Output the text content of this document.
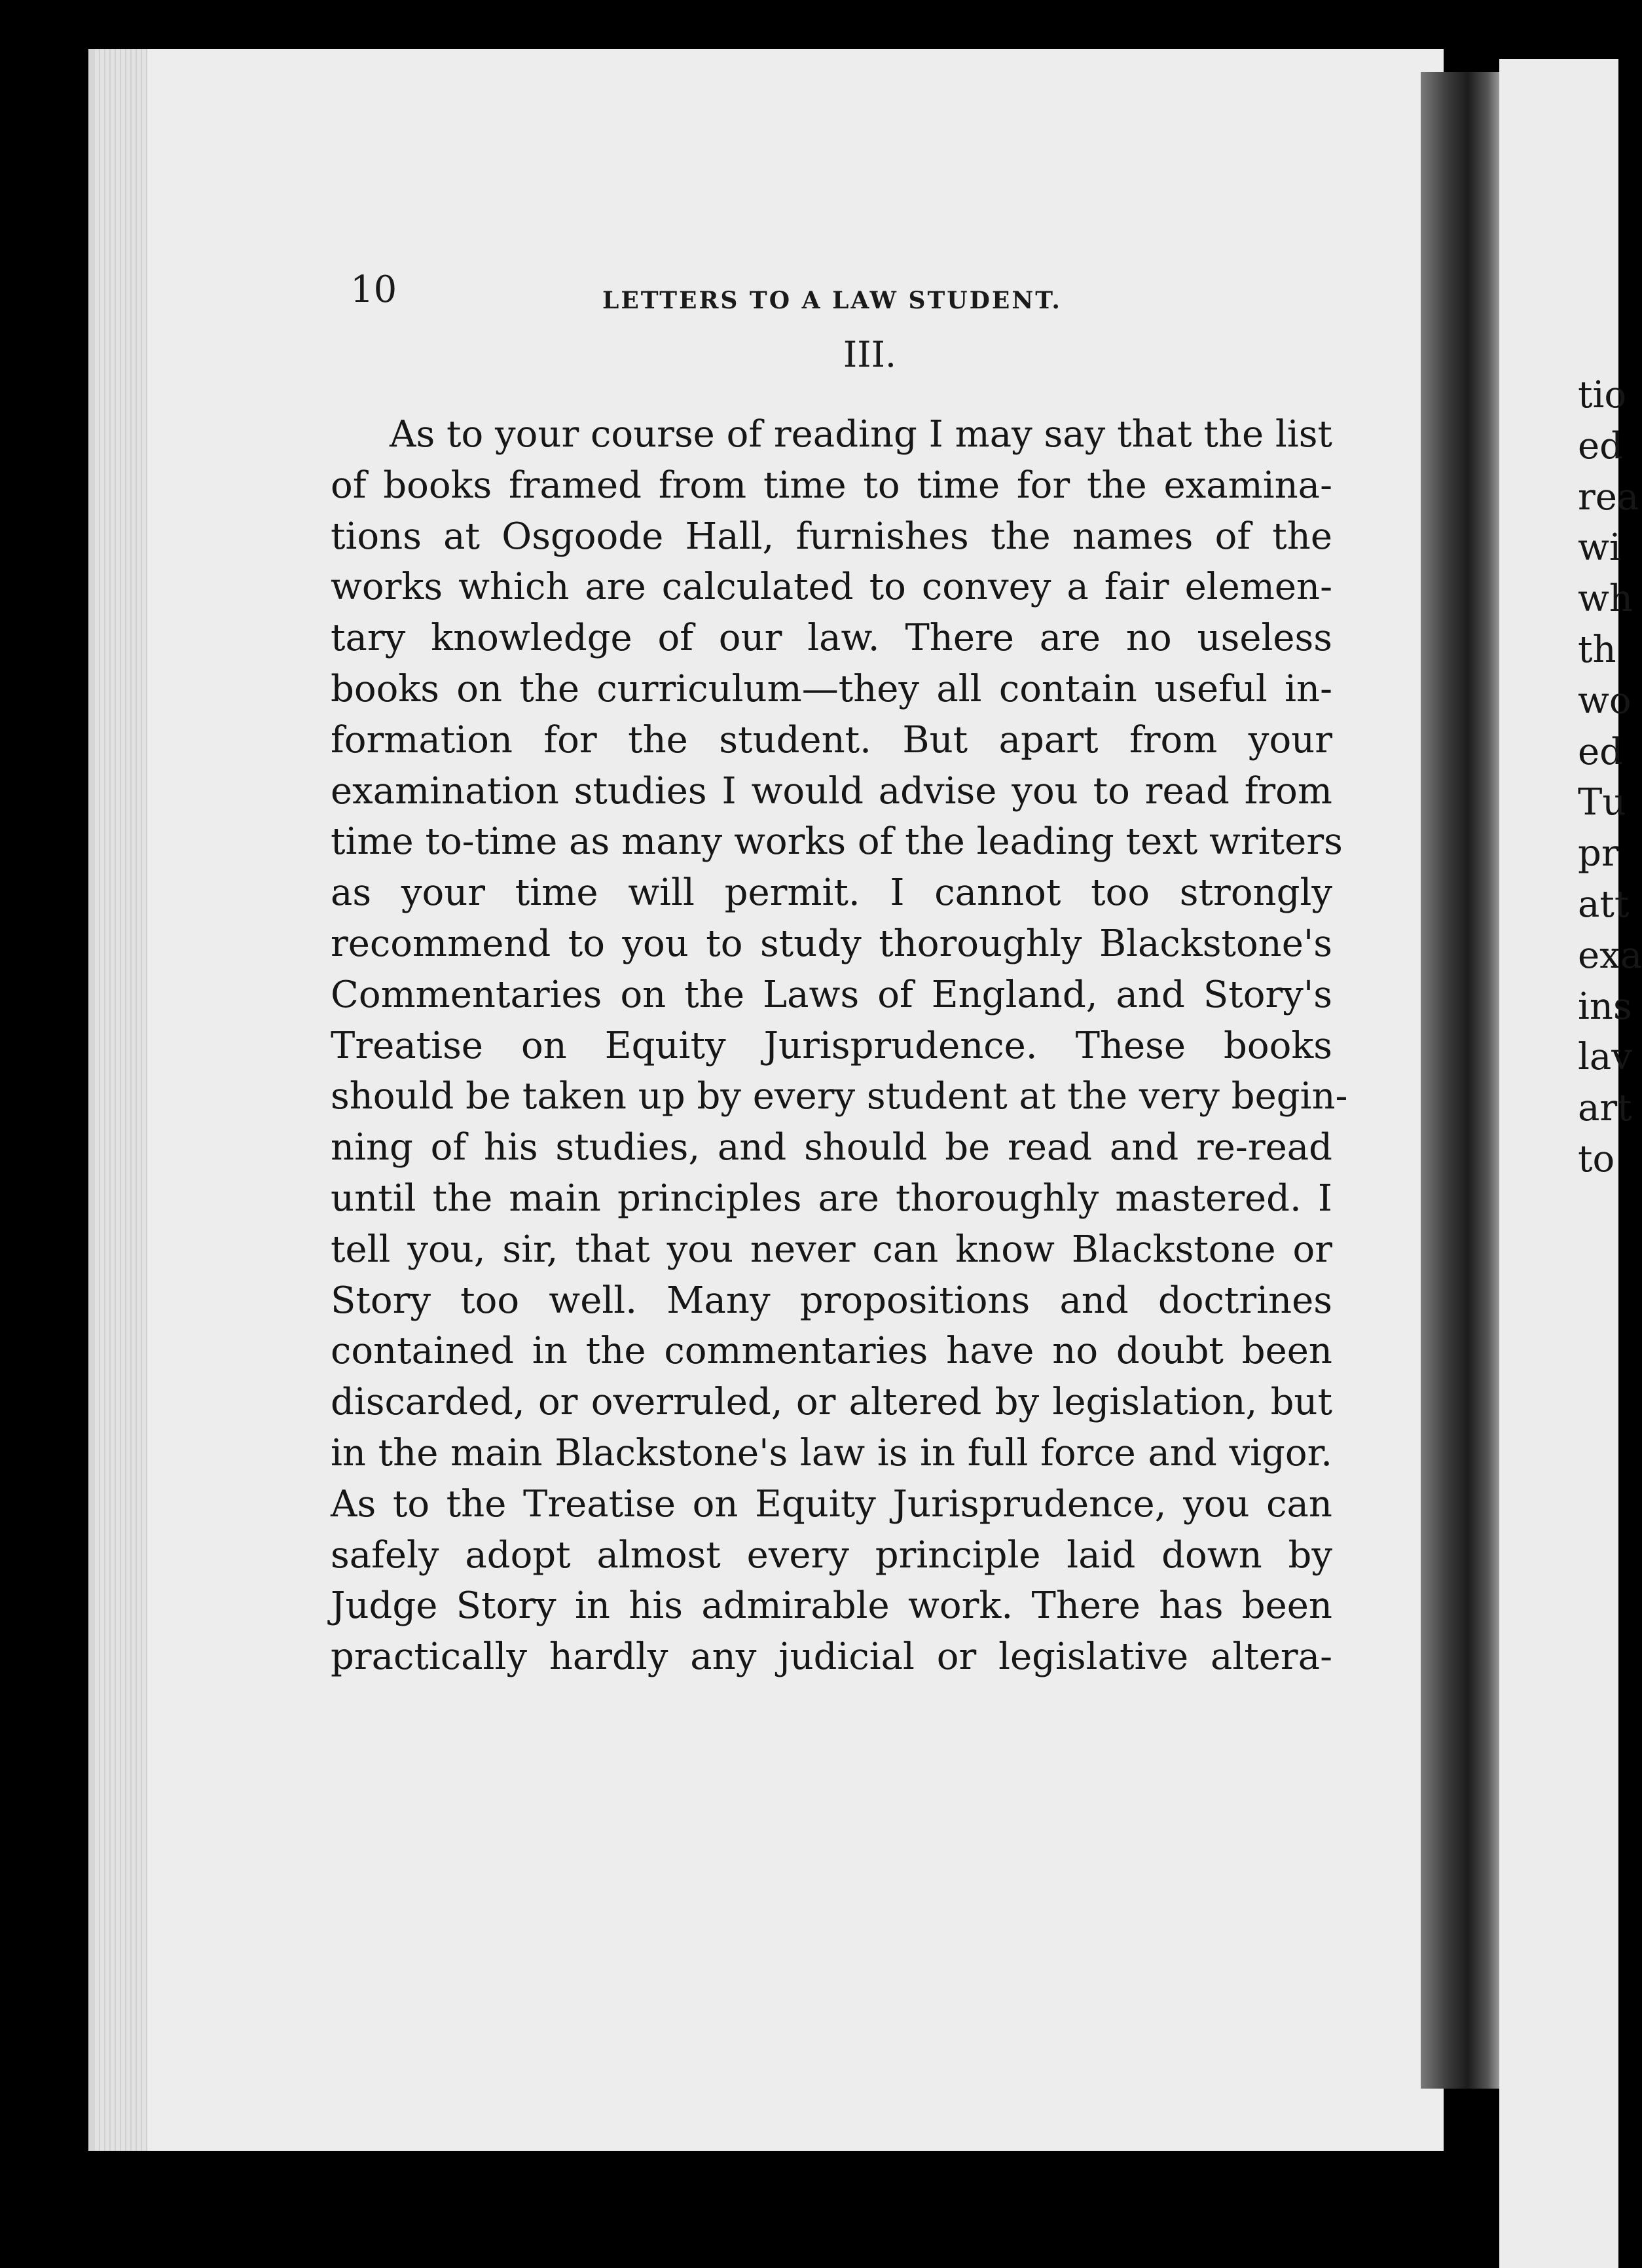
10	LETTERS TO A LAW STUDENT.
III.
As to your course of reading I may say that the list
of books framed from time to time for the examina-
tions at Osgoode Hall, furnishes the names of the
works which are calculated to convey a fair elemen-
tary knowledge of our law. There are no useless
books on the curriculum—they all contain useful in-
formation for the student. But apart from your
examination studies I would advise you to read from
time to-time as many works of the leading text writers
as your time will permit. I cannot too strongly
recommend to you to study thoroughly Blackstone's
Commentaries on the Laws of England, and Story's
Treatise on Equity Jurisprudence. These books
should be taken up by every student at the very begin-
ning of his studies, and should be read and re-read
until the main principles are thoroughly mastered. I
tell you, sir, that you never can know Blackstone or
Story too well. Many propositions and doctrines
contained in the commentaries have no doubt been
discarded, or overruled, or altered by legislation, but
in the main Blackstone's law is in full force and vigor.
As to the Treatise on Equity Jurisprudence, you can
safely adopt almost every principle laid down by
Judge Story in his admirable work. There has been
practically hardly any judicial or legislative altera-
tio
ed
rea
wi
wh
th
wo
ed
Tu
pr
att
exa
ins
lav
art
to
